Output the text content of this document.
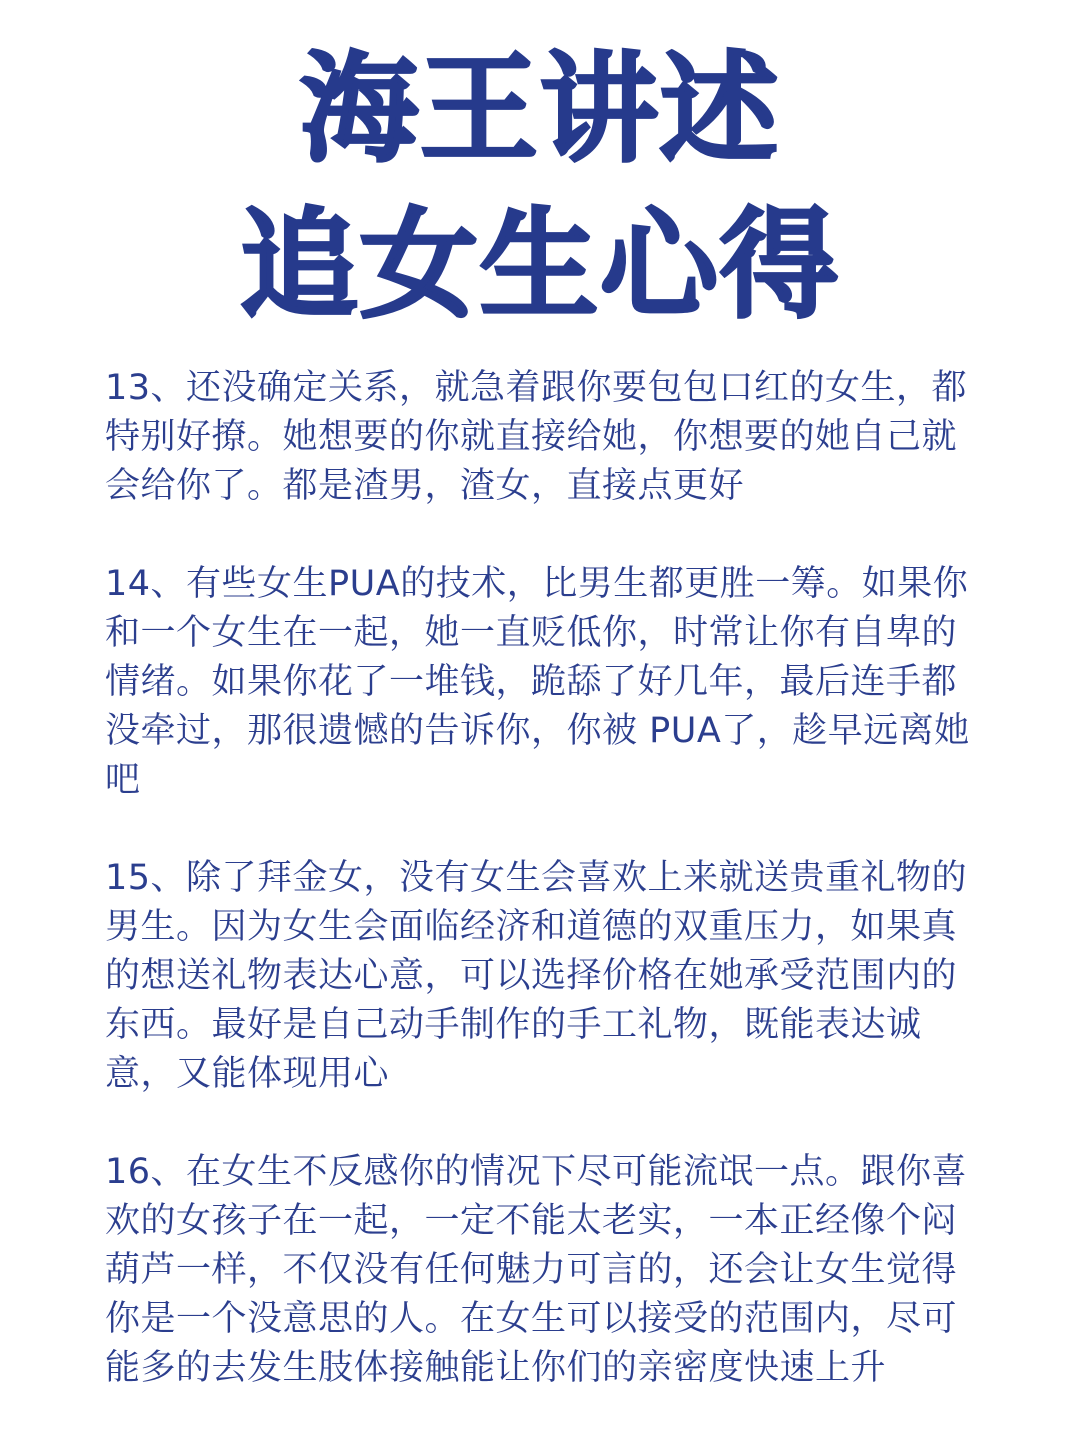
海王讲述
追女生心得

13、还没确定关系，就急着跟你要包包口红的女生，都特别好撩。她想要的你就直接给她，你想要的她自己就会给你了。都是渣男，渣女，直接点更好

14、有些女生PUA的技术，比男生都更胜一筹。如果你和一个女生在一起，她一直贬低你，时常让你有自卑的情绪。如果你花了一堆钱，跪舔了好几年，最后连手都没牵过，那很遗憾的告诉你，你被 PUA了，趁早远离她吧

15、除了拜金女，没有女生会喜欢上来就送贵重礼物的男生。因为女生会面临经济和道德的双重压力，如果真的想送礼物表达心意，可以选择价格在她承受范围内的东西。最好是自己动手制作的手工礼物，既能表达诚意，又能体现用心

16、在女生不反感你的情况下尽可能流氓一点。跟你喜欢的女孩子在一起，一定不能太老实，一本正经像个闷葫芦一样，不仅没有任何魅力可言的，还会让女生觉得你是一个没意思的人。在女生可以接受的范围内，尽可能多的去发生肢体接触能让你们的亲密度快速上升
